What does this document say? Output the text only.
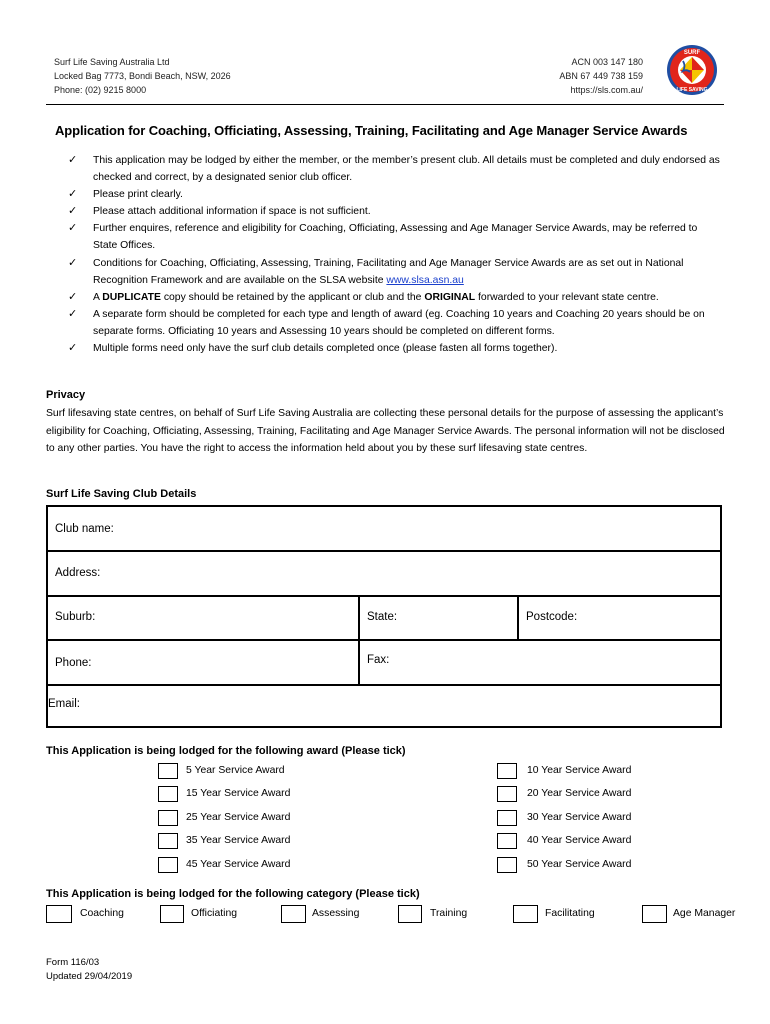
Surf Life Saving Australia Ltd
Locked Bag 7773, Bondi Beach, NSW, 2026
Phone: (02) 9215 8000
ACN 003 147 180
ABN 67 449 738 159
https://sls.com.au/
SURF
LIFE SAVING
Application for Coaching, Officiating, Assessing, Training, Facilitating and Age Manager Service Awards
✓ This application may be lodged by either the member, or the member’s present club. All details must be completed and duly endorsed as checked and correct, by a designated senior club officer.
✓ Please print clearly.
✓ Please attach additional information if space is not sufficient.
✓ Further enquires, reference and eligibility for Coaching, Officiating, Assessing and Age Manager Service Awards, may be referred to State Offices.
✓ Conditions for Coaching, Officiating, Assessing, Training, Facilitating and Age Manager Service Awards are as set out in National Recognition Framework and are available on the SLSA website www.slsa.asn.au
✓ A DUPLICATE copy should be retained by the applicant or club and the ORIGINAL forwarded to your relevant state centre.
✓ A separate form should be completed for each type and length of award (eg. Coaching 10 years and Coaching 20 years should be on separate forms. Officiating 10 years and Assessing 10 years should be completed on different forms.
✓ Multiple forms need only have the surf club details completed once (please fasten all forms together).
Privacy
Surf lifesaving state centres, on behalf of Surf Life Saving Australia are collecting these personal details for the purpose of assessing the applicant’s eligibility for Coaching, Officiating, Assessing, Training, Facilitating and Age Manager Service Awards. The personal information will not be disclosed to any other parties. You have the right to access the information held about you by these surf lifesaving state centres.
Surf Life Saving Club Details
Club name:
Address:
Suburb:	State:	Postcode:
Phone:	Fax:
Email:
This Application is being lodged for the following award (Please tick)
5 Year Service Award
15 Year Service Award
25 Year Service Award
35 Year Service Award
45 Year Service Award
10 Year Service Award
20 Year Service Award
30 Year Service Award
40 Year Service Award
50 Year Service Award
This Application is being lodged for the following category (Please tick)
Coaching	Officiating	Assessing	Training	Facilitating	Age Manager
Form 116/03
Updated 29/04/2019
